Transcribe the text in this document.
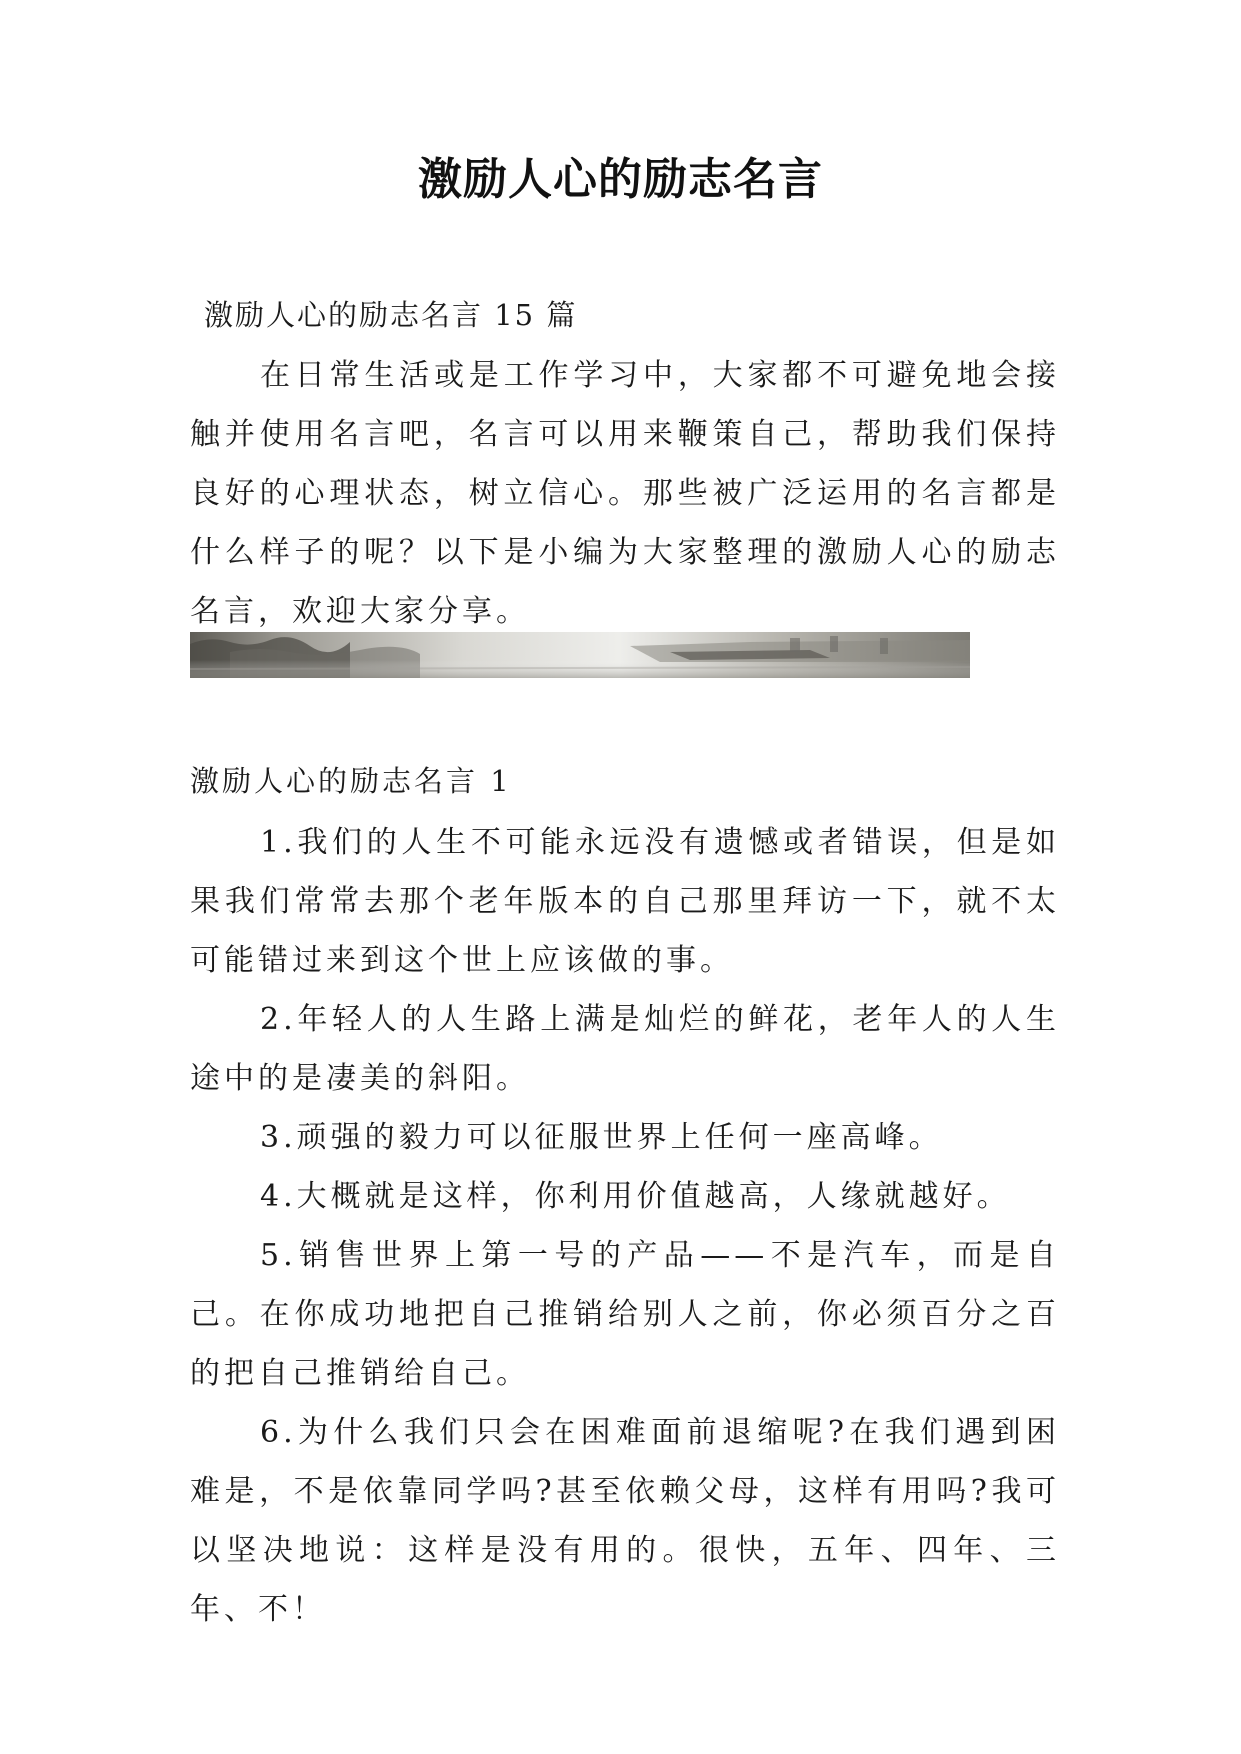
激励人心的励志名言
激励人心的励志名言 15 篇

在日常生活或是工作学习中，大家都不可避免地会接触并使用名言吧，名言可以用来鞭策自己，帮助我们保持良好的心理状态，树立信心。那些被广泛运用的名言都是什么样子的呢？以下是小编为大家整理的激励人心的励志名言，欢迎大家分享。

激励人心的励志名言 1

1.我们的人生不可能永远没有遗憾或者错误，但是如果我们常常去那个老年版本的自己那里拜访一下，就不太可能错过来到这个世上应该做的事。

2.年轻人的人生路上满是灿烂的鲜花，老年人的人生途中的是凄美的斜阳。

3.顽强的毅力可以征服世界上任何一座高峰。

4.大概就是这样，你利用价值越高，人缘就越好。

5.销售世界上第一号的产品——不是汽车，而是自己。在你成功地把自己推销给别人之前，你必须百分之百的把自己推销给自己。

6.为什么我们只会在困难面前退缩呢?在我们遇到困难是，不是依靠同学吗?甚至依赖父母，这样有用吗?我可以坚决地说：这样是没有用的。很快，五年、四年、三年、不！
